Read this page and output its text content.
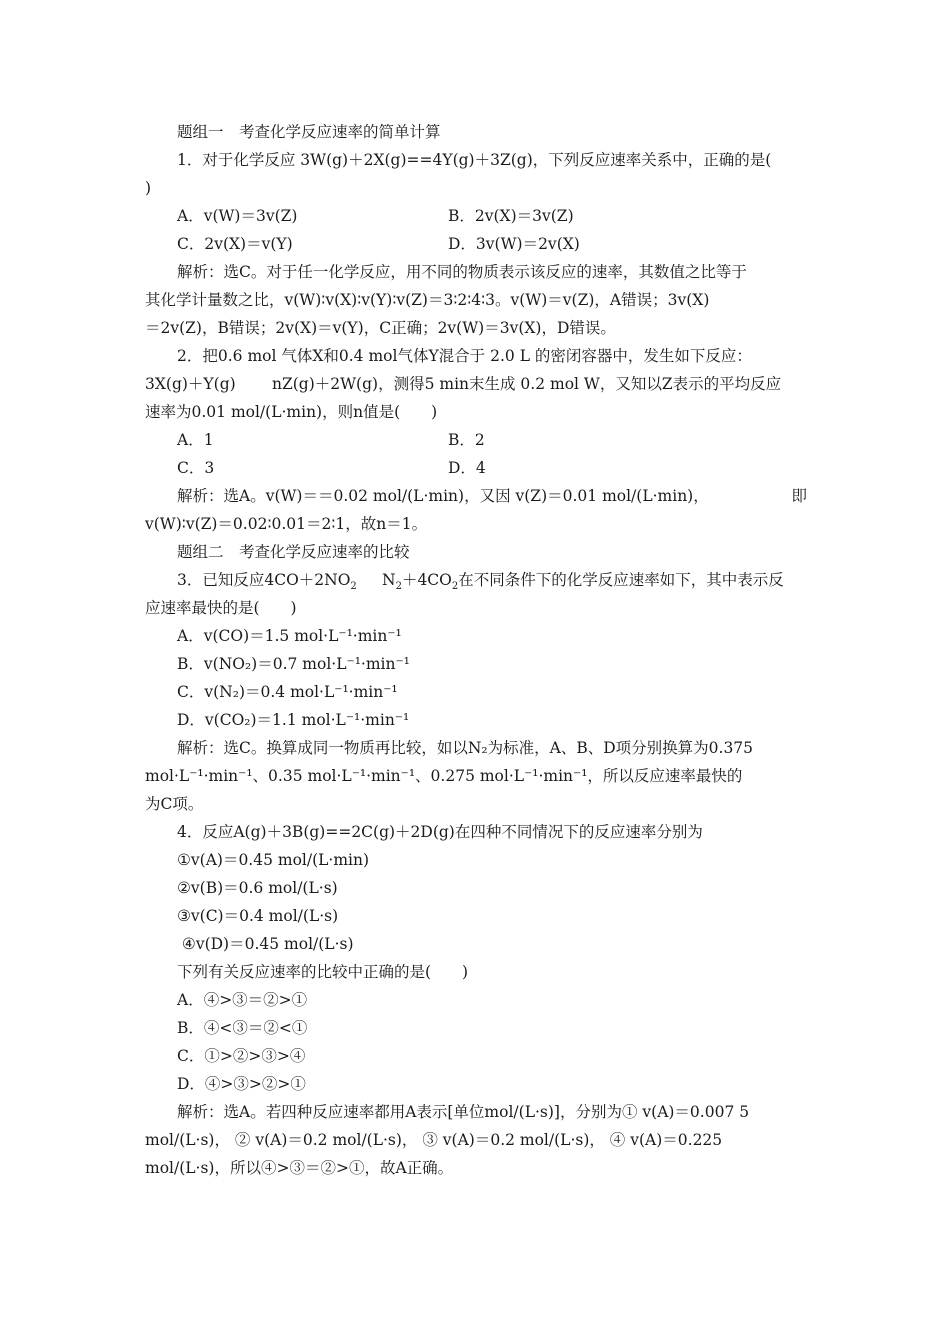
题组一　考查化学反应速率的简单计算
1．对于化学反应 3W(g)＋2X(g)==4Y(g)＋3Z(g)，下列反应速率关系中，正确的是(
)
A．v(W)＝3v(Z)	B．2v(X)＝3v(Z)
C．2v(X)＝v(Y)	D．3v(W)＝2v(X)
解析：选C。对于任一化学反应，用不同的物质表示该反应的速率，其数值之比等于
其化学计量数之比，v(W)∶v(X)∶v(Y)∶v(Z)＝3∶2∶4∶3。v(W)＝v(Z)，A错误；3v(X)
＝2v(Z)，B错误；2v(X)＝v(Y)，C正确；2v(W)＝3v(X)，D错误。
2．把0.6 mol 气体X和0.4 mol气体Y混合于 2.0 L 的密闭容器中，发生如下反应：
3X(g)＋Y(g) nZ(g)＋2W(g)，测得5 min末生成 0.2 mol W，又知以Z表示的平均反应
速率为0.01 mol/(L·min)，则n值是(　　)
A．1	B．2
C．3	D．4
解析：选A。v(W)＝＝0.02 mol/(L·min)，又因 v(Z)＝0.01 mol/(L·min)，	即
v(W)∶v(Z)＝0.02∶0.01＝2∶1，故n＝1。
题组二　考查化学反应速率的比较
3．已知反应$4CO+2NO_2$ $N_2+4CO_2$在不同条件下的化学反应速率如下，其中表示反
应速率最快的是(　　)
A．v(CO)＝1.5 mol·L⁻¹·min⁻¹
B．v(NO₂)＝0.7 mol·L⁻¹·min⁻¹
C．v(N₂)＝0.4 mol·L⁻¹·min⁻¹
D．v(CO₂)＝1.1 mol·L⁻¹·min⁻¹
解析：选C。换算成同一物质再比较，如以N₂为标准，A、B、D项分别换算为0.375
mol·L⁻¹·min⁻¹、0.35 mol·L⁻¹·min⁻¹、0.275 mol·L⁻¹·min⁻¹，所以反应速率最快的
为C项。
4．反应A(g)＋3B(g)==2C(g)＋2D(g)在四种不同情况下的反应速率分别为
①v(A)＝0.45 mol/(L·min)
②v(B)＝0.6 mol/(L·s)
③v(C)＝0.4 mol/(L·s)
④v(D)＝0.45 mol/(L·s)
下列有关反应速率的比较中正确的是(　　)
A．④>③＝②>①
B．④<③＝②<①
C．①>②>③>④
D．④>③>②>①
解析：选A。若四种反应速率都用A表示[单位mol/(L·s)]，分别为① v(A)＝0.007 5
mol/(L·s)， ② v(A)＝0.2 mol/(L·s)， ③ v(A)＝0.2 mol/(L·s)， ④ v(A)＝0.225
mol/(L·s)，所以④>③＝②>①，故A正确。
